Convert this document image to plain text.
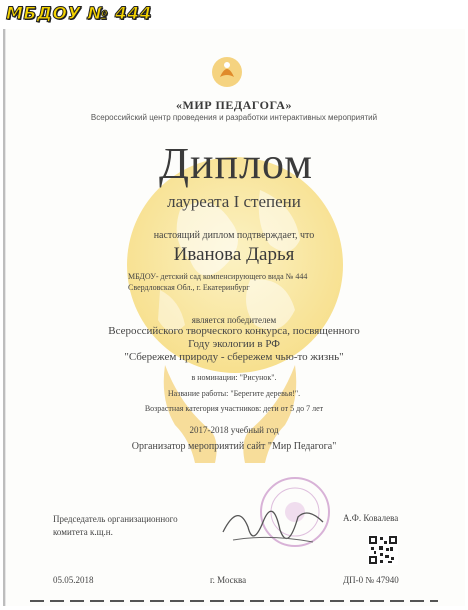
МБДОУ № 444
«МИР ПЕДАГОГА»
Всероссийский центр проведения и разработки интерактивных мероприятий
Диплом
лауреата I степени
настоящий диплом подтверждает, что
Иванова Дарья
МБДОУ- детский сад компенсирующего вида № 444
Свердловская Обл., г. Екатеринбург
является победителем
Всероссийского творческого конкурса, посвященного
Году экологии в РФ
"Сбережем природу - сбережем чью-то жизнь"
в номинации: "Рисунок".
Название работы: "Берегите деревья!".
Возрастная категория участников: дети от 5 до 7 лет
2017-2018 учебный год
Организатор мероприятий сайт "Мир Педагога"
Председатель организационного
комитета к.щ.н.
А.Ф. Ковалева
05.05.2018	г. Москва	ДП-0 № 47940
